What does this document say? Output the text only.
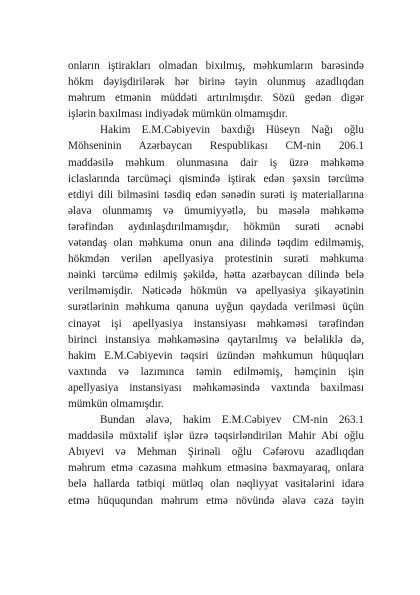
onların iştirakları olmadan bixılmış, məhkumların barəsində
hökm dəyişdirilərək hər birinə təyin olunmuş azadlıqdan
məhrum etmənin müddəti artırılmışdır. Sözü gedən digər
işlərin baxılması indiyədək mümkün olmamışdır.
Hakim E.M.Cəbiyevin baxdığı Hüseyn Nağı oğlu
Möhseninin Azərbaycan Respublikası CM-nin 206.1
maddəsilə məhkum olunmasına dair iş üzrə məhkəmə
iclaslarında tərcüməçi qismində iştirak edən şəxsin tərcümə
etdiyi dili bilməsini təsdiq edən sənədin surəti iş materiallarına
əlavə olunmamış və ümumiyyətlə, bu məsələ məhkəmə
tərəfindən aydınlaşdırılmamışdır, hökmün surəti əcnəbi
vətəndaş olan məhkuma onun ana dilində təqdim edilməmiş,
hökmdən verilən apellyasiya protestinin surəti məhkuma
nəinki tərcümə edilmiş şəkildə, hətta azərbaycan dilində belə
verilməmişdir. Nəticədə hökmün və apellyasiya şikayətinin
surətlərinin məhkuma qanuna uyğun qaydada verilməsi üçün
cinayət işi apellyasiya instansiyası məhkəməsi tərəfindən
birinci instansiya məhkəməsinə qaytarılmış və beləliklə də,
hakim E.M.Cəbiyevin təqsiri üzündən məhkumun hüquqları
vaxtında və lazımınca təmin edilməmiş, həmçinin işin
apellyasiya instansiyası məhkəməsində vaxtında baxılması
mümkün olmamışdır.
Bundan əlavə, hakim E.M.Cəbiyev CM-nin 263.1
maddəsilə müxtəlif işlər üzrə təqsirləndirilən Mahir Abi oğlu
Abıyevi və Mehman Şirinəli oğlu Cəfərovu azadlıqdan
məhrum etmə cəzasına məhkum etməsinə baxmayaraq, onlara
belə hallarda tətbiqi mütləq olan nəqliyyat vasitələrini idarə
etmə hüququndan məhrum etmə növündə əlavə cəza təyin
